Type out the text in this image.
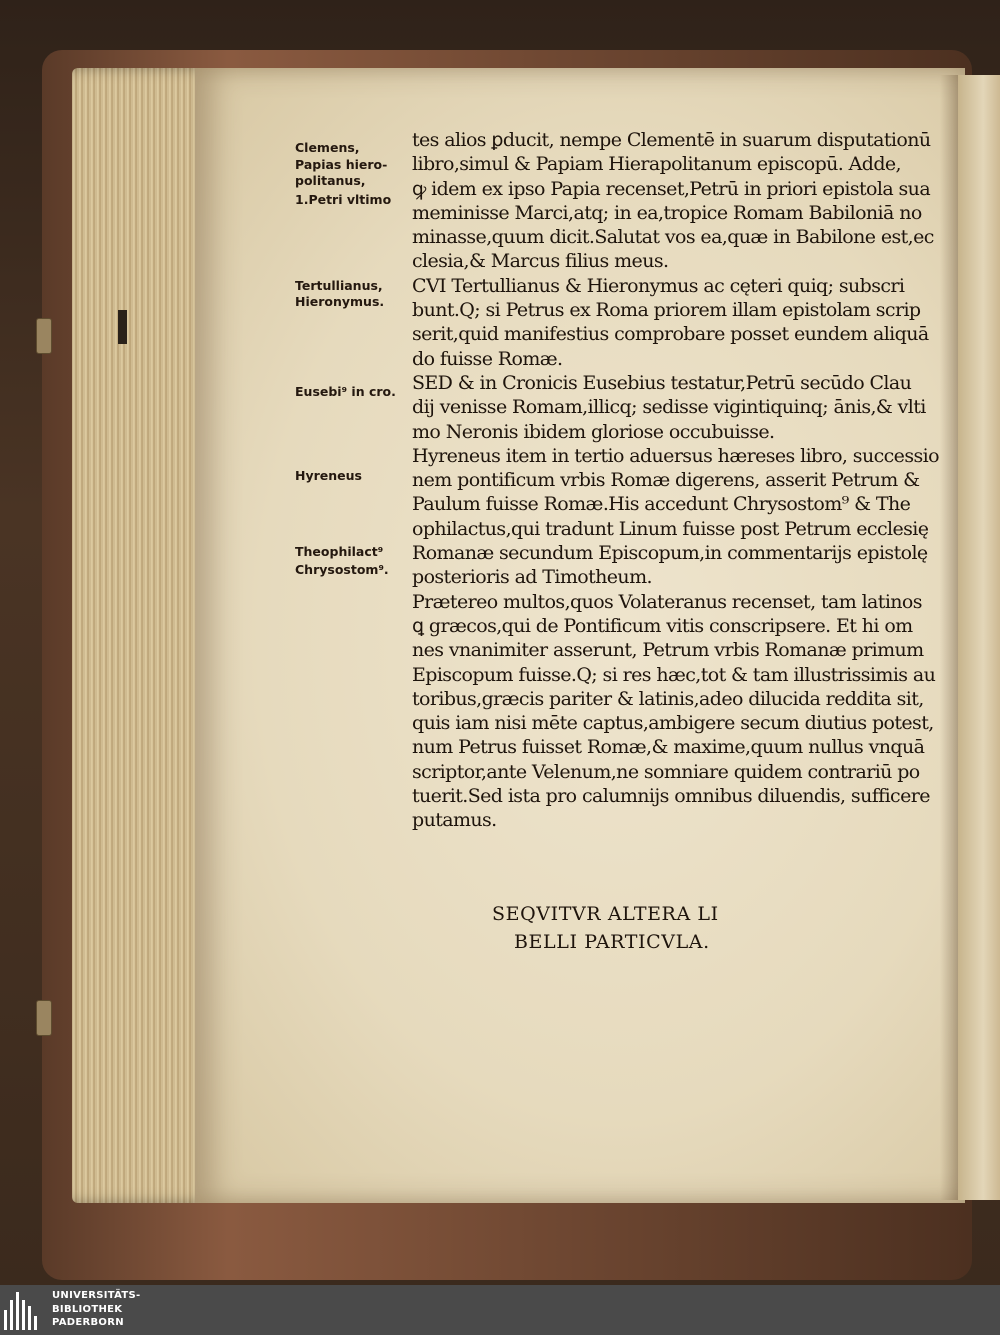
Clemens,
Papias hiero-
politanus,
1.Petri vltimo
Tertullianus,
Hieronymus.
Eusebi⁹ in cro.
Hyreneus
Theophilact⁹
Chrysostom⁹.
tes alios ꝑducit, nempe Clementē in suarum disputationū
libro,simul & Papiam Hierapolitanum episcopū. Adde,
ꝙ idem ex ipso Papia recenset,Petrū in priori epistola sua
meminisse Marci,atq; in ea,tropice Romam Babiloniā no
minasse,quum dicit.Salutat vos ea,quæ in Babilone est,ec
clesia,& Marcus filius meus.
CVI Tertullianus & Hieronymus ac cęteri quiq; subscri
bunt.Q; si Petrus ex Roma priorem illam epistolam scrip
serit,quid manifestius comprobare posset eundem aliquā
do fuisse Romæ.
SED & in Cronicis Eusebius testatur,Petrū secūdo Clau
dij venisse Romam,illicq; sedisse vigintiquinq; ānis,& vlti
mo Neronis ibidem gloriose occubuisse.
Hyreneus item in tertio aduersus hæreses libro, successio
nem pontificum vrbis Romæ digerens, asserit Petrum &
Paulum fuisse Romæ.His accedunt Chrysostom⁹ & The
ophilactus,qui tradunt Linum fuisse post Petrum ecclesię
Romanæ secundum Episcopum,in commentarijs epistolę
posterioris ad Timotheum.
Prætereo multos,quos Volateranus recenset, tam latinos
ꝗ græcos,qui de Pontificum vitis conscripsere. Et hi om
nes vnanimiter asserunt, Petrum vrbis Romanæ primum
Episcopum fuisse.Q; si res hæc,tot & tam illustrissimis au
toribus,græcis pariter & latinis,adeo dilucida reddita sit,
quis iam nisi mēte captus,ambigere secum diutius potest,
num Petrus fuisset Romæ,& maxime,quum nullus vnquā
scriptor,ante Velenum,ne somniare quidem contrariū po
tuerit.Sed ista pro calumnijs omnibus diluendis, sufficere
putamus.
SEQVITVR ALTERA LI
BELLI PARTICVLA.
UNIVERSITÄTS-
BIBLIOTHEK
PADERBORN
